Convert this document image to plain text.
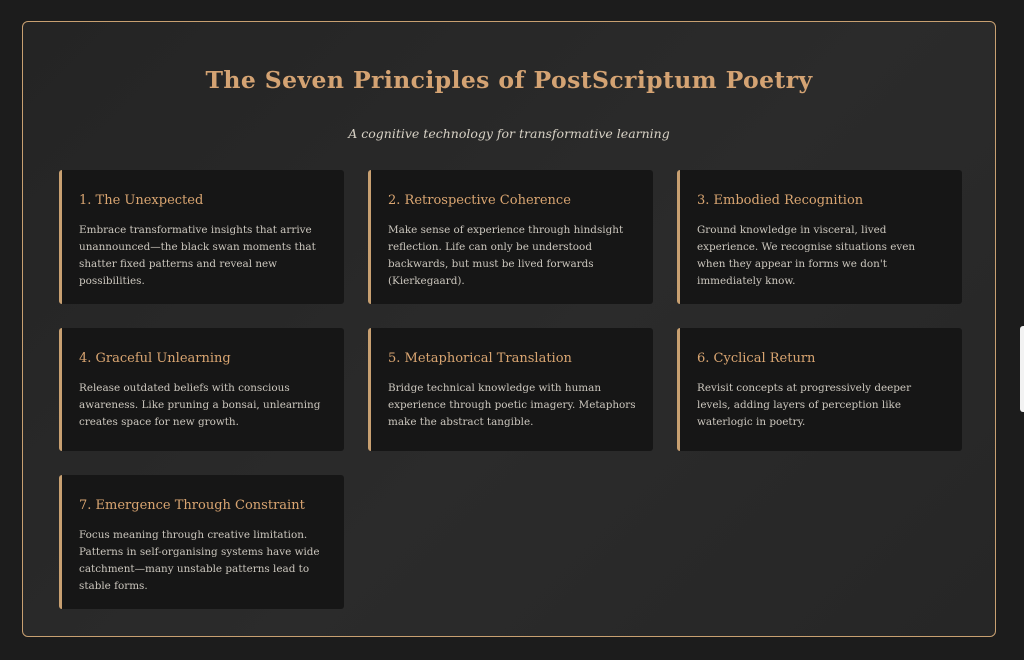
The Seven Principles of PostScriptum Poetry

A cognitive technology for transformative learning

1. The Unexpected

Embrace transformative insights that arrive unannounced—the black swan moments that shatter fixed patterns and reveal new possibilities.

2. Retrospective Coherence

Make sense of experience through hindsight reflection. Life can only be understood backwards, but must be lived forwards (Kierkegaard).

3. Embodied Recognition

Ground knowledge in visceral, lived experience. We recognise situations even when they appear in forms we don't immediately know.

4. Graceful Unlearning

Release outdated beliefs with conscious awareness. Like pruning a bonsai, unlearning creates space for new growth.

5. Metaphorical Translation

Bridge technical knowledge with human experience through poetic imagery. Metaphors make the abstract tangible.

6. Cyclical Return

Revisit concepts at progressively deeper levels, adding layers of perception like waterlogic in poetry.

7. Emergence Through Constraint

Focus meaning through creative limitation. Patterns in self-organising systems have wide catchment—many unstable patterns lead to stable forms.
